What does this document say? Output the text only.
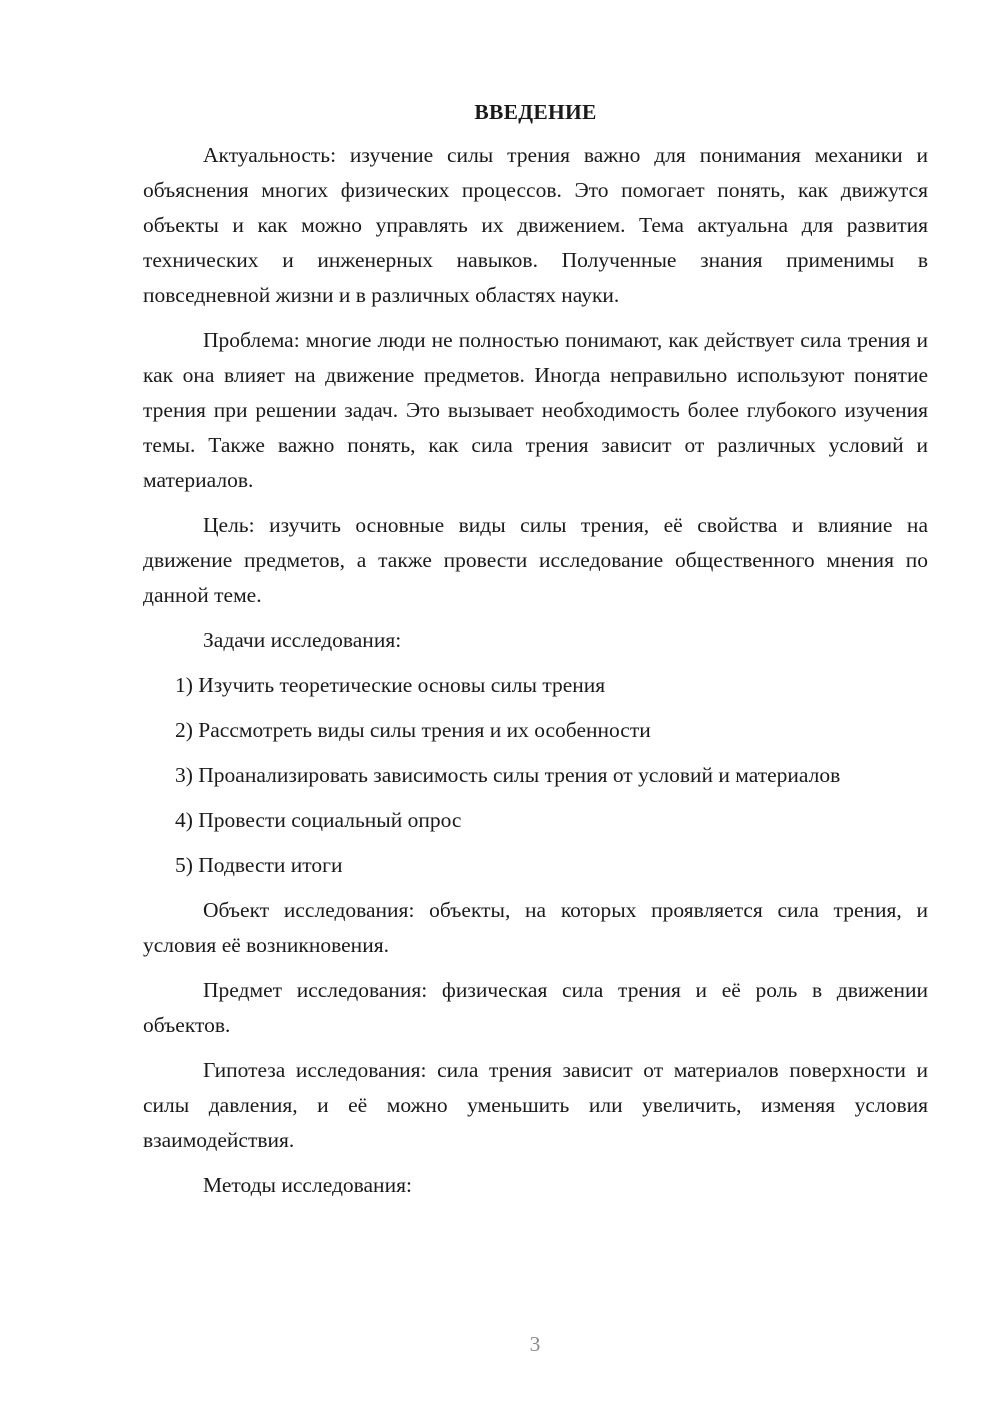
ВВЕДЕНИЕ

Актуальность: изучение силы трения важно для понимания механики и объяснения многих физических процессов. Это помогает понять, как движутся объекты и как можно управлять их движением. Тема актуальна для развития технических и инженерных навыков. Полученные знания применимы в повседневной жизни и в различных областях науки.

Проблема: многие люди не полностью понимают, как действует сила трения и как она влияет на движение предметов. Иногда неправильно используют понятие трения при решении задач. Это вызывает необходимость более глубокого изучения темы. Также важно понять, как сила трения зависит от различных условий и материалов.

Цель: изучить основные виды силы трения, её свойства и влияние на движение предметов, а также провести исследование общественного мнения по данной теме.

Задачи исследования:

1) Изучить теоретические основы силы трения

2) Рассмотреть виды силы трения и их особенности

3) Проанализировать зависимость силы трения от условий и материалов

4) Провести социальный опрос

5) Подвести итоги

Объект исследования: объекты, на которых проявляется сила трения, и условия её возникновения.

Предмет исследования: физическая сила трения и её роль в движении объектов.

Гипотеза исследования: сила трения зависит от материалов поверхности и силы давления, и её можно уменьшить или увеличить, изменяя условия взаимодействия.

Методы исследования:

3
